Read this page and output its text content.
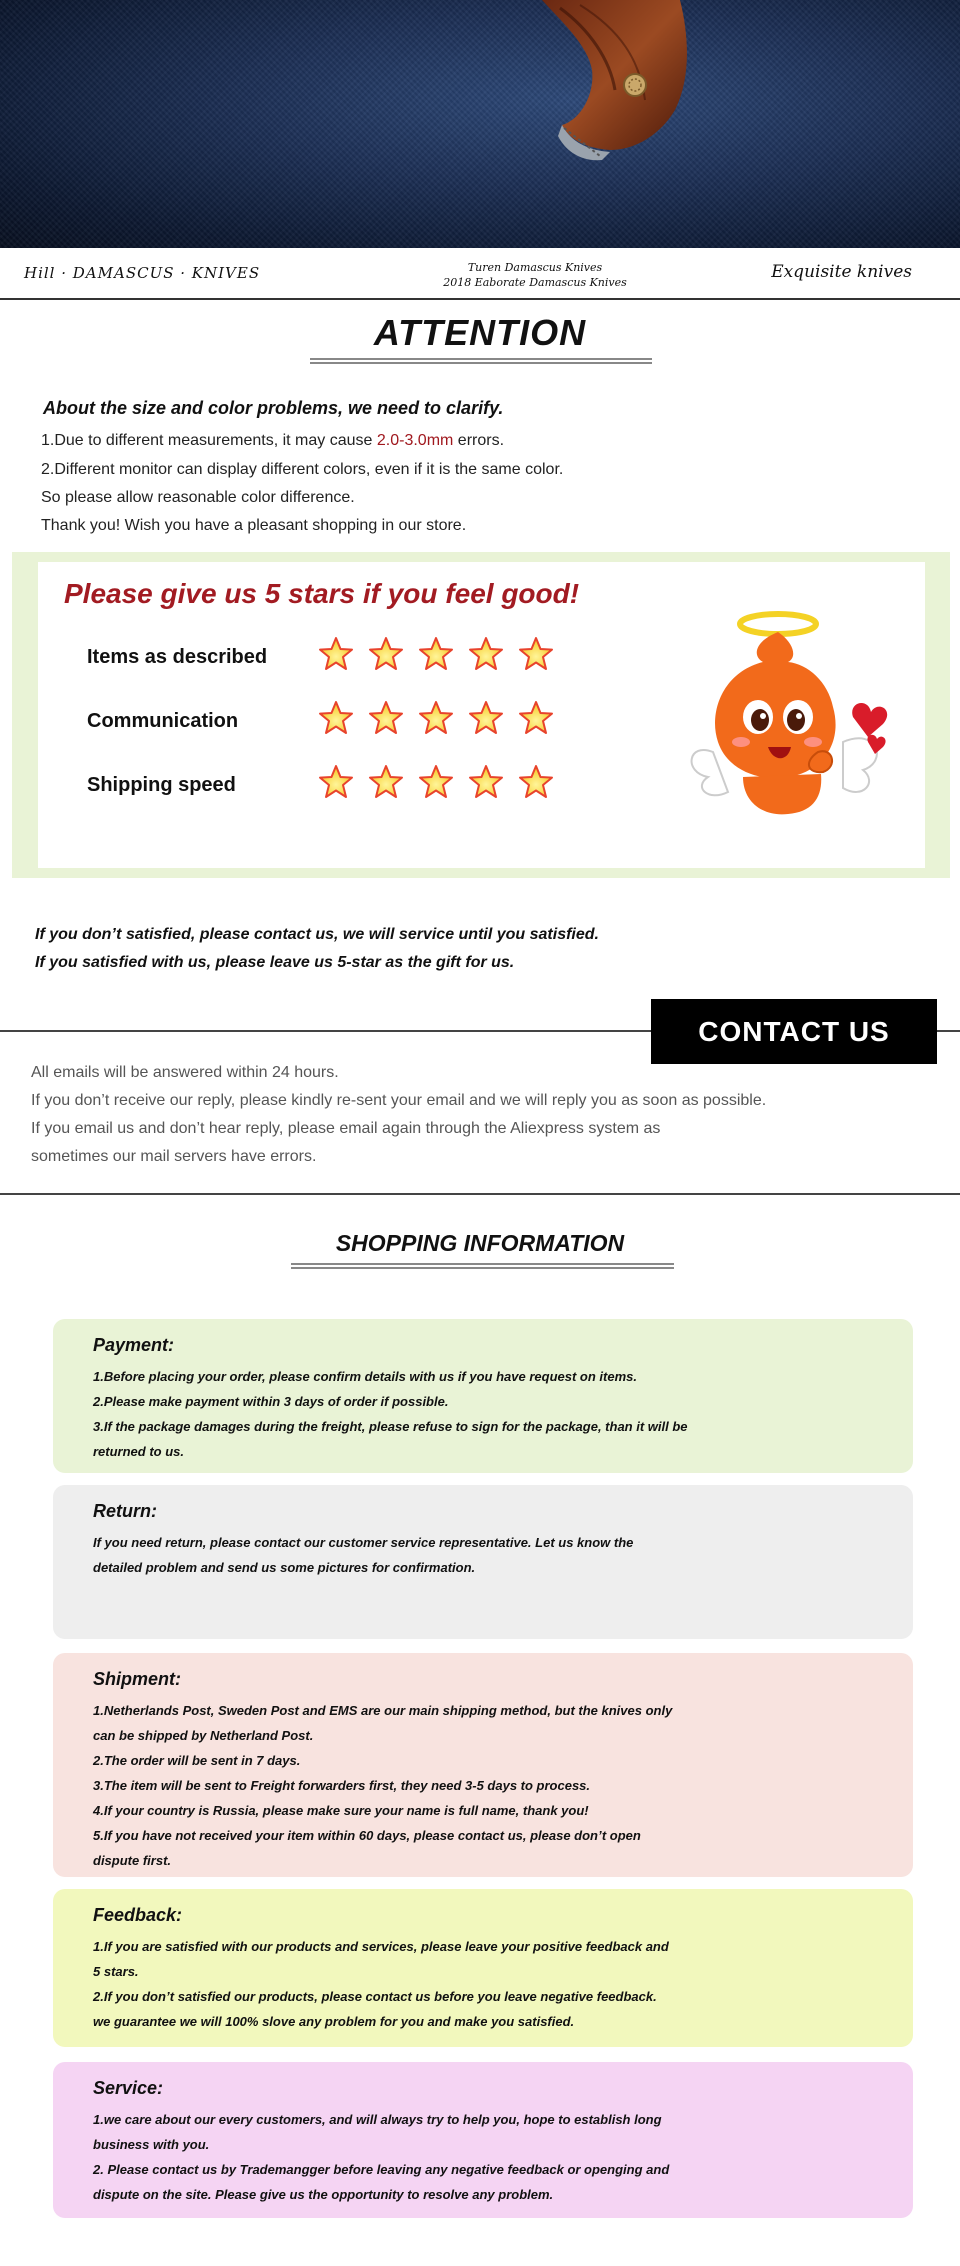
Hill · DAMASCUS · KNIVES	Turen Damascus Knives
2018 Eaborate Damascus Knives
Exquisite knives
ATTENTION
About the size and color problems, we need to clarify.
1.Due to different measurements, it may cause 2.0-3.0mm errors.
2.Different monitor can display different colors, even if it is the same color.
So please allow reasonable color difference.
Thank you! Wish you have a pleasant shopping in our store.
Please give us 5 stars if you feel good!
Items as described
Communication
Shipping speed
If you don’t satisfied, please contact us, we will service until you satisfied.
If you satisfied with us, please leave us 5-star as the gift for us.
CONTACT US
All emails will be answered within 24 hours.
If you don’t receive our reply, please kindly re-sent your email and we will reply you as soon as possible.
If you email us and don’t hear reply, please email again through the Aliexpress system as
sometimes our mail servers have errors.
SHOPPING INFORMATION
Payment:

1.Before placing your order, please confirm details with us if you have request on items.

2.Please make payment within 3 days of order if possible.

3.If the package damages during the freight, please refuse to sign for the package, than it will be

returned to us.

Return:

If you need return, please contact our customer service representative. Let us know the

detailed problem and send us some pictures for confirmation.

Shipment:

1.Netherlands Post, Sweden Post and EMS are our main shipping method, but the knives only

can be shipped by Netherland Post.

2.The order will be sent in 7 days.

3.The item will be sent to Freight forwarders first, they need 3-5 days to process.

4.If your country is Russia, please make sure your name is full name, thank you!

5.If you have not received your item within 60 days, please contact us, please don’t open

dispute first.

Feedback:

1.If you are satisfied with our products and services, please leave your positive feedback and

5 stars.

2.If you don’t satisfied our products, please contact us before you leave negative feedback.

we guarantee we will 100% slove any problem for you and make you satisfied.

Service:

1.we care about our every customers, and will always try to help you, hope to establish long

business with you.

2. Please contact us by Trademangger before leaving any negative feedback or openging and

dispute on the site. Please give us the opportunity to resolve any problem.
